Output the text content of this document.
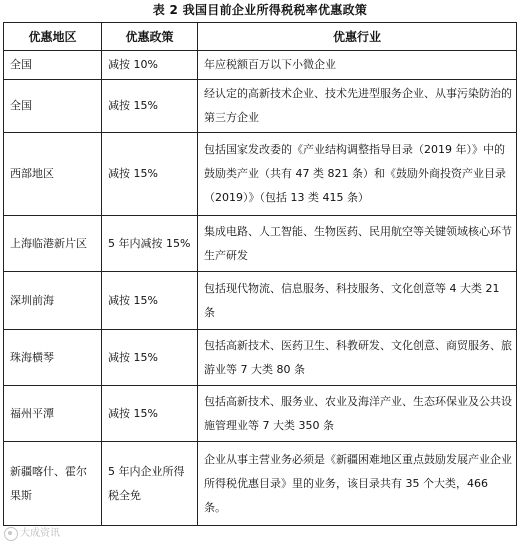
表 2 我国目前企业所得税税率优惠政策
优惠地区	优惠政策	优惠行业
全国	减按 10%	年应税额百万以下小微企业
全国	减按 15%	经认定的高新技术企业、技术先进型服务企业、从事污染防治的第三方企业
西部地区	减按 15%	包括国家发改委的《产业结构调整指导目录（2019 年）》中的鼓励类产业（共有 47 类 821 条）和《鼓励外商投资产业目录（2019）》（包括 13 类 415 条）
上海临港新片区	5 年内减按 15%	集成电路、人工智能、生物医药、民用航空等关键领域核心环节生产研发
深圳前海	减按 15%	包括现代物流、信息服务、科技服务、文化创意等 4 大类 21 条
珠海横琴	减按 15%	包括高新技术、医药卫生、科教研发、文化创意、商贸服务、旅游业等 7 大类 80 条
福州平潭	减按 15%	包括高新技术、服务业、农业及海洋产业、生态环保业及公共设施管理业等 7 大类 350 条
新疆喀什、霍尔果斯	5 年内企业所得税全免	企业从事主营业务必须是《新疆困难地区重点鼓励发展产业企业所得税优惠目录》里的业务，该目录共有 35 个大类，466 条。
大成资讯
